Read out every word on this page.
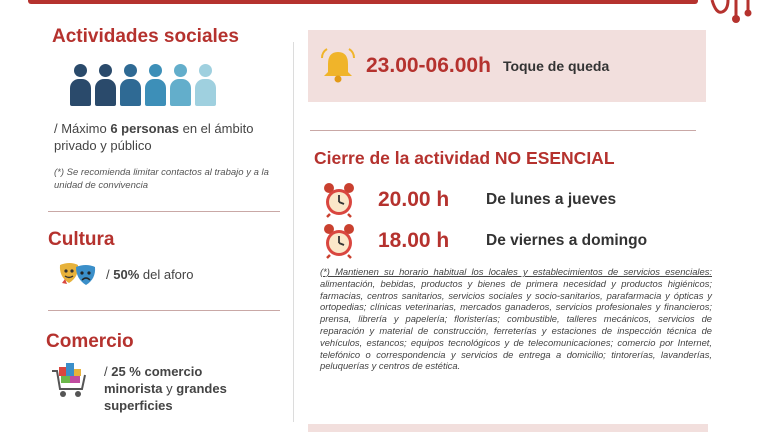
Actividades sociales
/ Máximo 6 personas en el ámbito privado y público
(*) Se recomienda limitar contactos al trabajo y a la unidad de convivencia
Cultura
/ 50% del aforo
Comercio
/ 25 % comercio minorista y grandes superficies
23.00-06.00h Toque de queda
Cierre de la actividad NO ESENCIAL
20.00 h	De lunes a jueves
18.00 h	De viernes a domingo
(*) Mantienen su horario habitual los locales y establecimientos de servicios esenciales: alimentación, bebidas, productos y bienes de primera necesidad y productos higiénicos; farmacias, centros sanitarios, servicios sociales y socio-sanitarios, parafarmacia y ópticas y ortopedias; clínicas veterinarias, mercados ganaderos, servicios profesionales y financieros; prensa, librería y papelería; floristerías; combustible, talleres mecánicos, servicios de reparación y material de construcción, ferreterías y estaciones de inspección técnica de vehículos, estancos; equipos tecnológicos y de telecomunicaciones; comercio por Internet, telefónico o correspondencia y servicios de entrega a domicilio; tintorerías, lavanderías, peluquerías y centros de estética.
